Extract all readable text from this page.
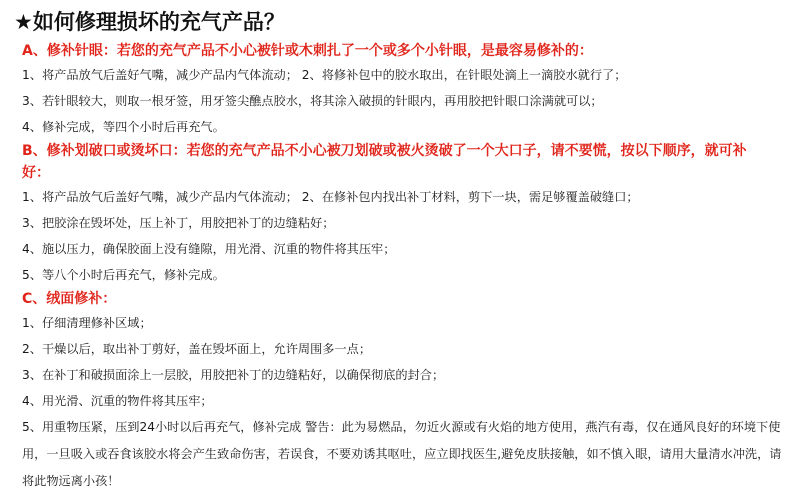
★如何修理损坏的充气产品？
A、修补针眼：若您的充气产品不小心被针或木刺扎了一个或多个小针眼，是最容易修补的：
1、将产品放气后盖好气嘴，减少产品内气体流动； 2、将修补包中的胶水取出，在针眼处滴上一滴胶水就行了；
3、若针眼较大，则取一根牙签，用牙签尖醮点胶水，将其涂入破损的针眼内，再用胶把针眼口涂满就可以；
4、修补完成，等四个小时后再充气。
B、修补划破口或烫坏口：若您的充气产品不小心被刀划破或被火烫破了一个大口子，请不要慌，按以下顺序，就可补好：
1、将产品放气后盖好气嘴，减少产品内气体流动； 2、在修补包内找出补丁材料，剪下一块，需足够覆盖破缝口；
3、把胶涂在毁坏处，压上补丁，用胶把补丁的边缝粘好；
4、施以压力，确保胶面上没有缝隙，用光滑、沉重的物件将其压牢；
5、等八个小时后再充气，修补完成。
C、绒面修补：
1、仔细清理修补区域；
2、干燥以后，取出补丁剪好，盖在毁坏面上，允许周围多一点；
3、在补丁和破损面涂上一层胶，用胶把补丁的边缝粘好，以确保彻底的封合；
4、用光滑、沉重的物件将其压牢；
5、用重物压紧，压到24小时以后再充气，修补完成 警告：此为易燃品，勿近火源或有火焰的地方使用，燕汽有毒，仅在通风良好的环境下使用，一旦吸入或吞食该胶水将会产生致命伤害，若误食，不要劝诱其呕吐，应立即找医生,避免皮肤接触，如不慎入眼，请用大量清水冲洗，请将此物远离小孩！
